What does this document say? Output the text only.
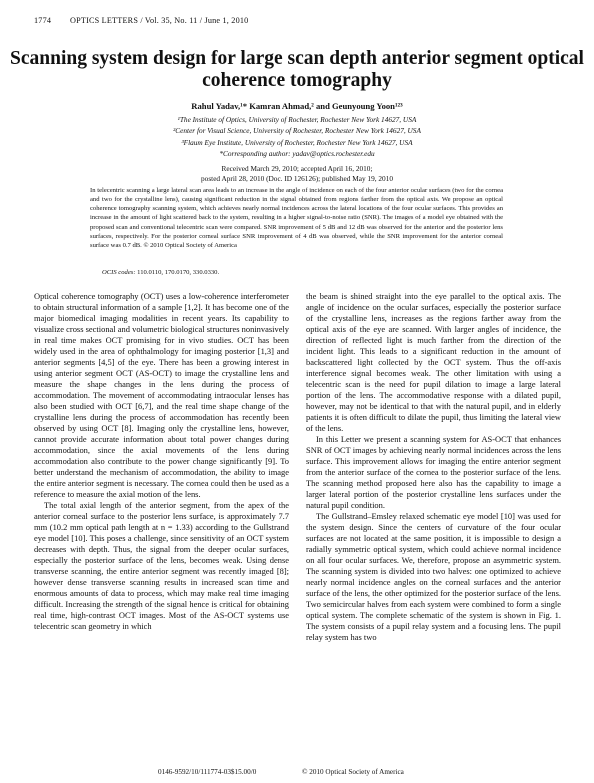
1774 OPTICS LETTERS / Vol. 35, No. 11 / June 1, 2010
Scanning system design for large scan depth anterior segment optical coherence tomography
Rahul Yadav,¹* Kamran Ahmad,² and Geunyoung Yoon¹²³
¹The Institute of Optics, University of Rochester, Rochester New York 14627, USA
²Center for Visual Science, University of Rochester, Rochester New York 14627, USA
³Flaum Eye Institute, University of Rochester, Rochester New York 14627, USA
*Corresponding author: yadav@optics.rochester.edu
Received March 29, 2010; accepted April 16, 2010;
posted April 28, 2010 (Doc. ID 126126); published May 19, 2010
In telecentric scanning a large lateral scan area leads to an increase in the angle of incidence on each of the four anterior ocular surfaces (two for the cornea and two for the crystalline lens), causing significant reduction in the signal obtained from regions farther from the optical axis. We propose an optical coherence tomography scanning system, which achieves nearly normal incidences across the lateral locations of the four ocular surfaces. This provides an increase in the amount of light scattered back to the system, resulting in a higher signal-to-noise ratio (SNR). The images of a model eye obtained with the proposed scan and conventional telecentric scan were compared. SNR improvement of 5 dB and 12 dB was observed for the anterior and the posterior lens surfaces, respectively. For the posterior corneal surface SNR improvement of 4 dB was observed, while the SNR improvement for the anterior corneal surface was 0.7 dB. © 2010 Optical Society of America
OCIS codes: 110.0110, 170.0170, 330.0330.

Optical coherence tomography (OCT) uses a low-coherence interferometer to obtain structural information of a sample [1,2]. It has become one of the major biomedical imaging modalities in recent years. Its capability to visualize cross sectional and volumetric biological structures noninvasively in real time makes OCT promising for in vivo studies. OCT has been widely used in the area of ophthalmology for imaging posterior [1,3] and anterior segments [4,5] of the eye. There has been a growing interest in using anterior segment OCT (AS-OCT) to image the crystalline lens and measure the shape changes in the lens during the process of accommodation. The movement of accommodating intraocular lenses has also been studied with OCT [6,7], and the real time shape change of the crystalline lens during the process of accommodation has recently been observed by using OCT [8]. Imaging only the crystalline lens, however, cannot provide accurate information about total power changes during accommodation, since the axial movements of the lens during accommodation also contribute to the power change significantly [9]. To better understand the mechanism of accommodation, the ability to image the entire anterior segment is necessary. The cornea could then be used as a reference to measure the axial motion of the lens.

The total axial length of the anterior segment, from the apex of the anterior corneal surface to the posterior lens surface, is approximately 7.7 mm (10.2 mm optical path length at n = 1.33) according to the Gullstrand eye model [10]. This poses a challenge, since sensitivity of an OCT system decreases with depth. Thus, the signal from the deeper ocular surfaces, especially the posterior surface of the lens, becomes weak. Using dense transverse scanning, the entire anterior segment was recently imaged [8]; however dense transverse scanning results in increased scan time and enormous amounts of data to process, which may make real time imaging difficult. Increasing the strength of the signal hence is critical for obtaining real time, high-contrast OCT images. Most of the AS-OCT systems use telecentric scan geometry in which

the beam is shined straight into the eye parallel to the optical axis. The angle of incidence on the ocular surfaces, especially the posterior surface of the crystalline lens, increases as the regions farther away from the optical axis of the eye are scanned. With larger angles of incidence, the direction of reflected light is much farther from the direction of the incident light. This leads to a significant reduction in the amount of backscattered light collected by the OCT system. Thus the off-axis interference signal becomes weak. The other limitation with using a telecentric scan is the need for pupil dilation to image a large lateral portion of the lens. The accommodative response with a dilated pupil, however, may not be identical to that with the natural pupil, and in elderly patients it is often difficult to dilate the pupil, thus limiting the lateral view of the lens.

In this Letter we present a scanning system for AS-OCT that enhances SNR of OCT images by achieving nearly normal incidences across the lens surface. This improvement allows for imaging the entire anterior segment from the anterior surface of the cornea to the posterior surface of the lens. The scanning method proposed here also has the capability to image a larger lateral portion of the posterior crystalline lens surfaces under the natural pupil condition.

The Gullstrand–Emsley relaxed schematic eye model [10] was used for the system design. Since the centers of curvature of the four ocular surfaces are not located at the same position, it is impossible to design a radially symmetric optical system, which could achieve normal incidence on all four ocular surfaces. We, therefore, propose an asymmetric system. The scanning system is divided into two halves: one optimized to achieve nearly normal incidence angles on the corneal surfaces and the anterior surface of the lens, the other optimized for the posterior surface of the lens. Two semicircular halves from each system were combined to form a single optical system. The complete schematic of the system is shown in Fig. 1. The system consists of a pupil relay system and a focusing lens. The pupil relay system has two

0146-9592/10/111774-03$15.00/0	© 2010 Optical Society of America
